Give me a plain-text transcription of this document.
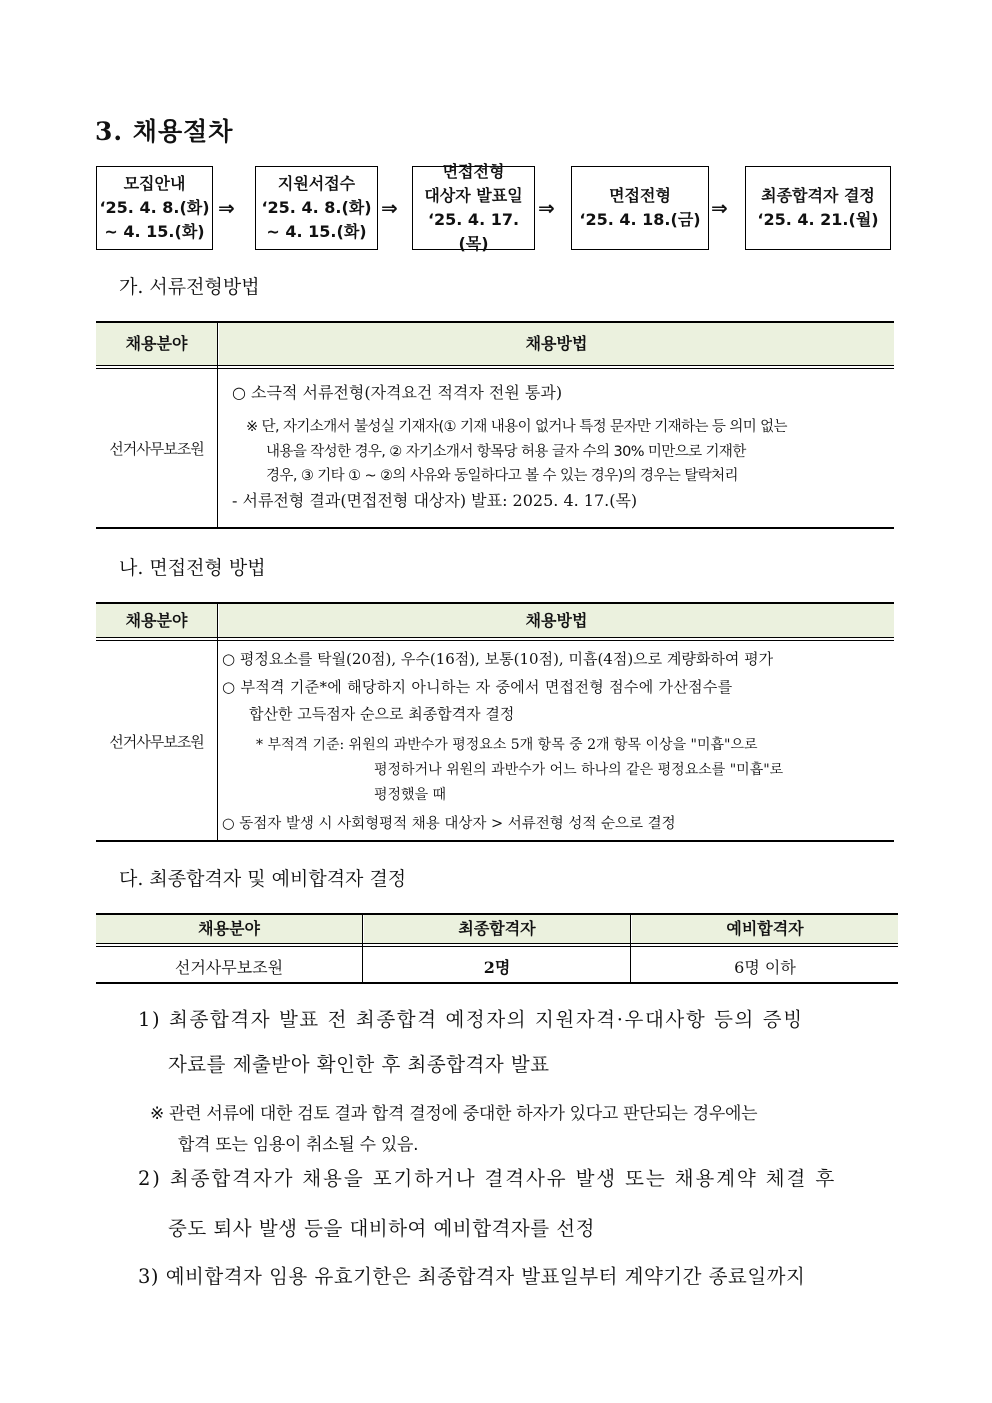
3. 채용절차
모집안내
‘25. 4. 8.(화)
~ 4. 15.(화)
⇒
지원서접수
‘25. 4. 8.(화)
~ 4. 15.(화)
⇒
면접전형
대상자 발표일
‘25. 4. 17.(목)
⇒
면접전형
‘25. 4. 18.(금) ⇒
최종합격자 결정
‘25. 4. 21.(월)
가. 서류전형방법
채용분야	채용방법
선거사무보조원
○ 소극적 서류전형(자격요건 적격자 전원 통과)
※ 단, 자기소개서 불성실 기재자(① 기재 내용이 없거나 특정 문자만 기재하는 등 의미 없는
내용을 작성한 경우, ② 자기소개서 항목당 허용 글자 수의 30% 미만으로 기재한
경우, ③ 기타 ① ~ ②의 사유와 동일하다고 볼 수 있는 경우)의 경우는 탈락처리
- 서류전형 결과(면접전형 대상자) 발표: 2025. 4. 17.(목)
나. 면접전형 방법
채용분야	채용방법
선거사무보조원
○ 평정요소를 탁월(20점), 우수(16점), 보통(10점), 미흡(4점)으로 계량화하여 평가
○ 부적격 기준*에 해당하지 아니하는 자 중에서 면접전형 점수에 가산점수를
합산한 고득점자 순으로 최종합격자 결정
* 부적격 기준: 위원의 과반수가 평정요소 5개 항목 중 2개 항목 이상을 "미흡"으로
평정하거나 위원의 과반수가 어느 하나의 같은 평정요소를 "미흡"로
평정했을 때
○ 동점자 발생 시 사회형평적 채용 대상자 > 서류전형 성적 순으로 결정
다. 최종합격자 및 예비합격자 결정
채용분야	최종합격자	예비합격자
선거사무보조원	2명	6명 이하
1) 최종합격자 발표 전 최종합격 예정자의 지원자격·우대사항 등의 증빙
자료를 제출받아 확인한 후 최종합격자 발표
※ 관련 서류에 대한 검토 결과 합격 결정에 중대한 하자가 있다고 판단되는 경우에는
합격 또는 임용이 취소될 수 있음.
2) 최종합격자가 채용을 포기하거나 결격사유 발생 또는 채용계약 체결 후
중도 퇴사 발생 등을 대비하여 예비합격자를 선정
3) 예비합격자 임용 유효기한은 최종합격자 발표일부터 계약기간 종료일까지
